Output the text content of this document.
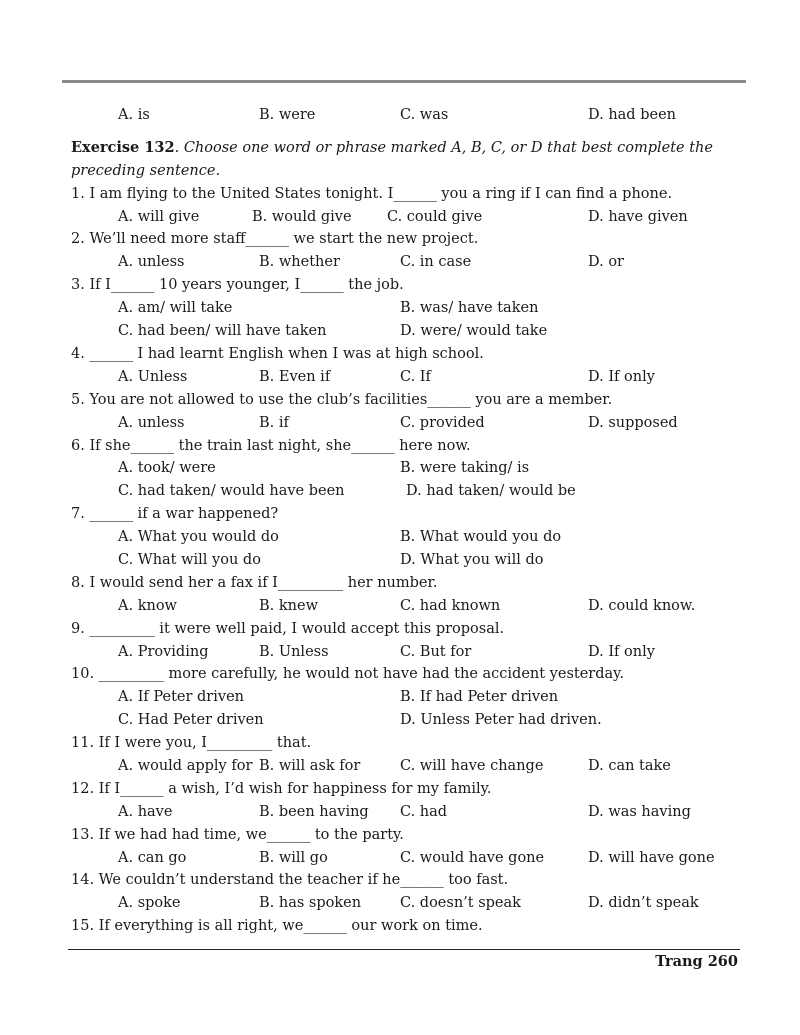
A. is	B. were	C. was	D. had been
Exercise 132. Choose one word or phrase marked A, B, C, or D that best complete the preceding sentence.
1. I am flying to the United States tonight. I______ you a ring if I can find a phone.
A. will give	B. would give C. could give	D. have given
2. We’ll need more staff______ we start the new project.
A. unless	B. whether	C. in case	D. or
3. If I______ 10 years younger, I______ the job.
A. am/ will take	B. was/ have taken
C. had been/ will have taken	D. were/ would take
4. ______ I had learnt English when I was at high school.
A. Unless	B. Even if	C. If	D. If only
5. You are not allowed to use the club’s facilities______ you are a member.
A. unless	B. if	C. provided	D. supposed
6. If she______ the train last night, she______ here now.
A. took/ were	B. were taking/ is
C. had taken/ would have been	D. had taken/ would be
7. ______ if a war happened?
A. What you would do	B. What would you do
C. What will you do	D. What you will do
8. I would send her a fax if I_________ her number.
A. know	B. knew	C. had known	D. could know.
9. _________ it were well paid, I would accept this proposal.
A. Providing	B. Unless	C. But for	D. If only
10. _________ more carefully, he would not have had the accident yesterday.
A. If Peter driven	B. If had Peter driven
C. Had Peter driven	D. Unless Peter had driven.
11. If I were you, I_________ that.
A. would apply for B. will ask for	C. will have change	D. can take
12. If I______ a wish, I’d wish for happiness for my family.
A. have	B. been having C. had	D. was having
13. If we had had time, we______ to the party.
A. can go	B. will go	C. would have gone	D. will have gone
14. We couldn’t understand the teacher if he______ too fast.
A. spoke	B. has spoken	C. doesn’t speak	D. didn’t speak
15. If everything is all right, we______ our work on time.
Trang 260
